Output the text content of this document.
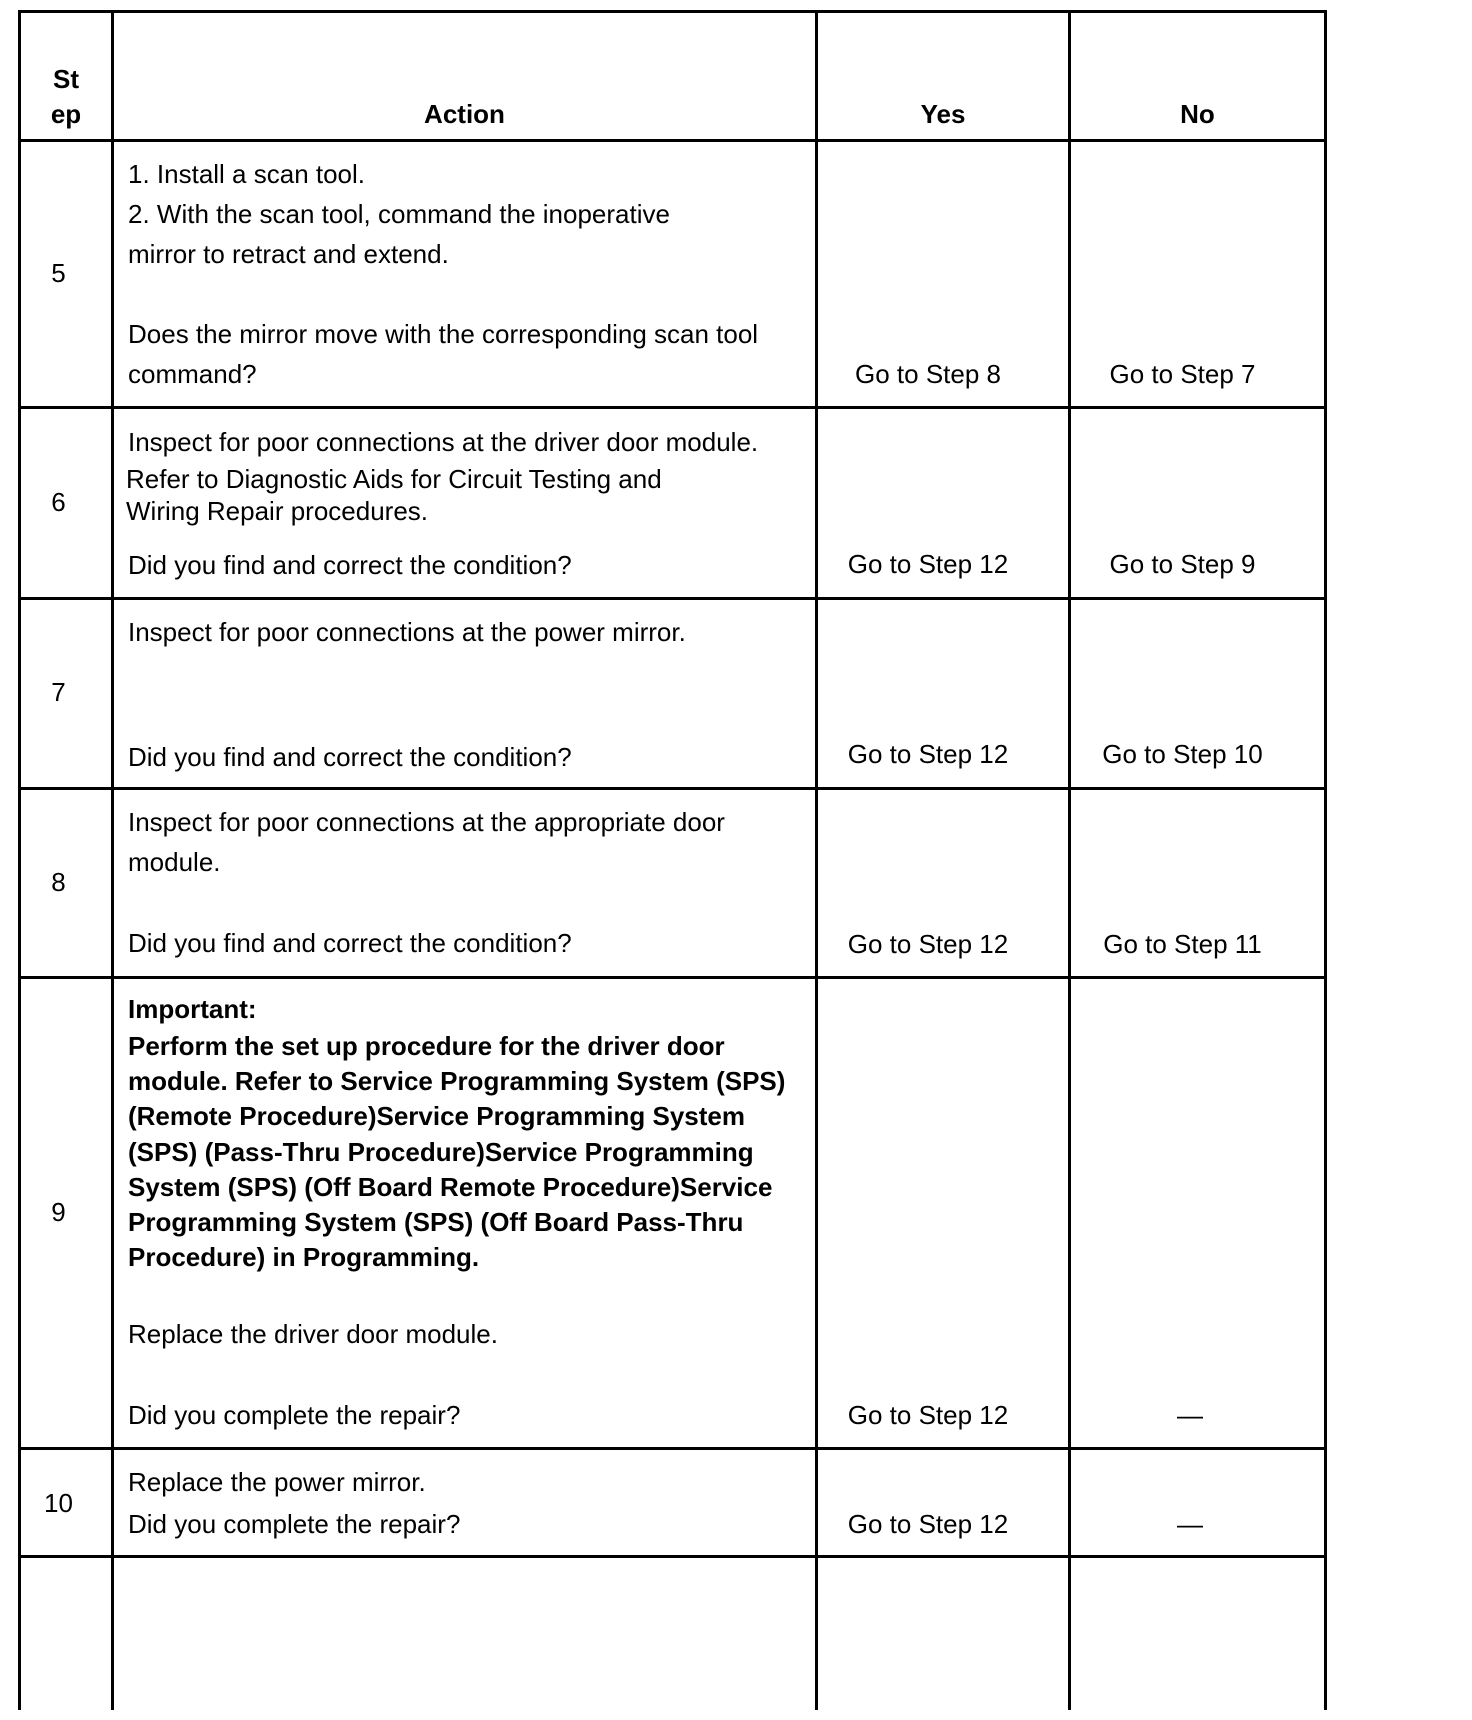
St
ep	Action	Yes	No
5
1. Install a scan tool.
2. With the scan tool, command the inoperative
mirror to retract and extend.
Does the mirror move with the corresponding scan tool
command?	Go to Step 8	Go to Step 7
6
Inspect for poor connections at the driver door module.
Refer to Diagnostic Aids for Circuit Testing and
Wiring Repair procedures.
Did you find and correct the condition?	Go to Step 12	Go to Step 9
7
Inspect for poor connections at the power mirror.
Did you find and correct the condition?	Go to Step 12	Go to Step 10
8
Inspect for poor connections at the appropriate door
module.
Did you find and correct the condition?	Go to Step 12	Go to Step 11
9
Important:
Perform the set up procedure for the driver door
module. Refer to Service Programming System (SPS)
(Remote Procedure)Service Programming System
(SPS) (Pass-Thru Procedure)Service Programming
System (SPS) (Off Board Remote Procedure)Service
Programming System (SPS) (Off Board Pass-Thru
Procedure) in Programming.
Replace the driver door module.
Did you complete the repair?	Go to Step 12	—
10
Replace the power mirror.
Did you complete the repair?	Go to Step 12	—
